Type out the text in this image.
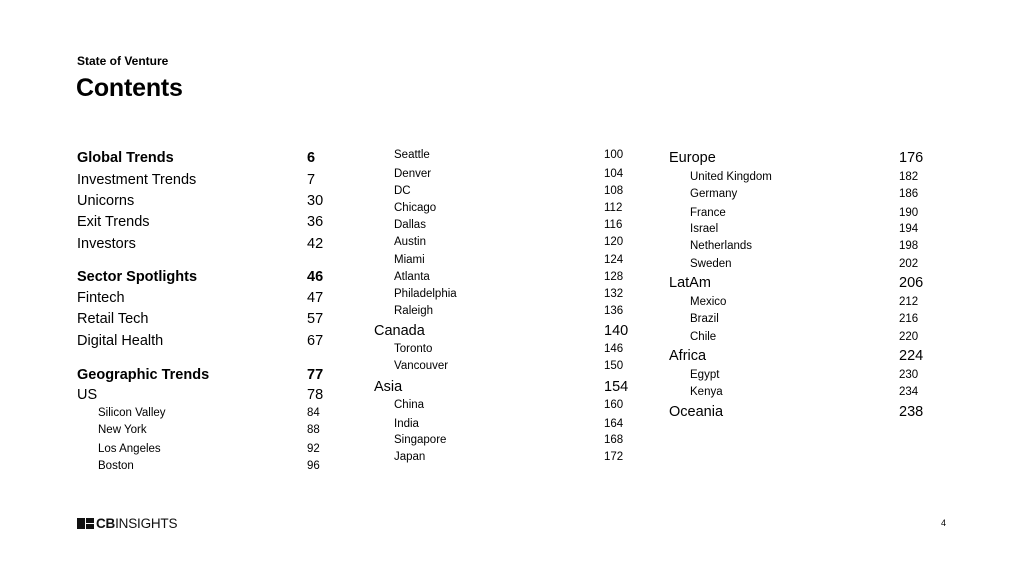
State of Venture
Contents
Global Trends	6
Investment Trends	7
Unicorns	30
Exit Trends	36
Investors	42
Sector Spotlights	46
Fintech	47
Retail Tech	57
Digital Health	67
Geographic Trends	77
US	78
Silicon Valley	84
New York	88
Los Angeles	92
Boston	96
Seattle	100
Denver	104
DC	108
Chicago	112
Dallas	116
Austin	120
Miami	124
Atlanta	128
Philadelphia	132
Raleigh	136
Canada	140
Toronto	146
Vancouver	150
Asia	154
China	160
India	164
Singapore	168
Japan	172
Europe	176
United Kingdom	182
Germany	186
France	190
Israel	194
Netherlands	198
Sweden	202
LatAm	206
Mexico	212
Brazil	216
Chile	220
Africa	224
Egypt	230
Kenya	234
Oceania	238
CBINSIGHTS	4
